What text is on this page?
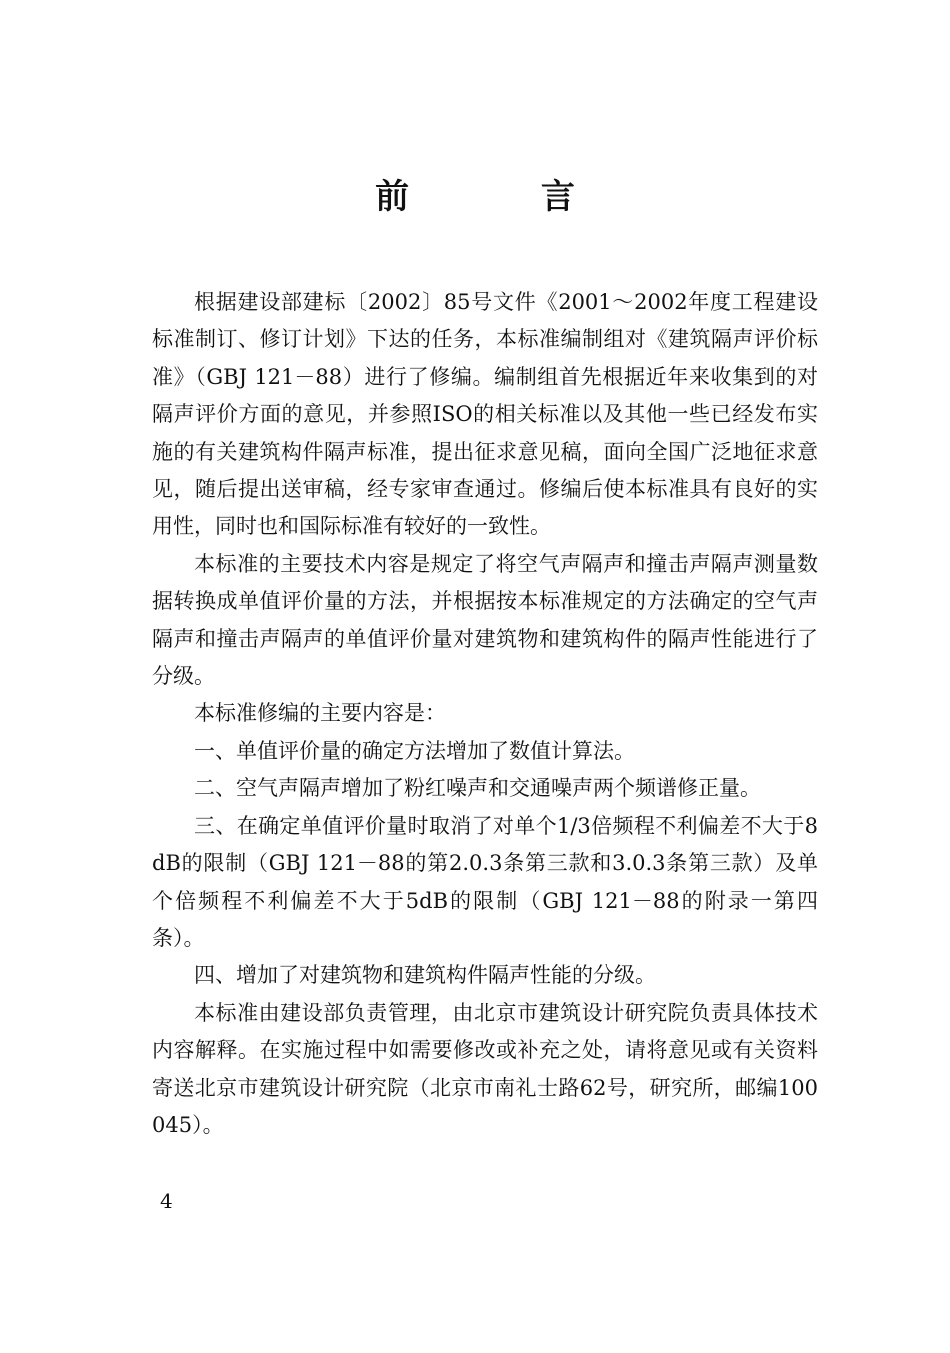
前 言

根据建设部建标〔2002〕85号文件《2001～2002年度工程建设标准制订、修订计划》下达的任务，本标准编制组对《建筑隔声评价标准》（GBJ 121－88）进行了修编。编制组首先根据近年来收集到的对隔声评价方面的意见，并参照ISO的相关标准以及其他一些已经发布实施的有关建筑构件隔声标准，提出征求意见稿，面向全国广泛地征求意见，随后提出送审稿，经专家审查通过。修编后使本标准具有良好的实用性，同时也和国际标准有较好的一致性。

本标准的主要技术内容是规定了将空气声隔声和撞击声隔声测量数据转换成单值评价量的方法，并根据按本标准规定的方法确定的空气声隔声和撞击声隔声的单值评价量对建筑物和建筑构件的隔声性能进行了分级。

本标准修编的主要内容是：

一、单值评价量的确定方法增加了数值计算法。

二、空气声隔声增加了粉红噪声和交通噪声两个频谱修正量。

三、在确定单值评价量时取消了对单个1/3倍频程不利偏差不大于8dB的限制（GBJ 121－88的第2.0.3条第三款和3.0.3条第三款）及单个倍频程不利偏差不大于5dB的限制（GBJ 121－88的附录一第四条）。

四、增加了对建筑物和建筑构件隔声性能的分级。

本标准由建设部负责管理，由北京市建筑设计研究院负责具体技术内容解释。在实施过程中如需要修改或补充之处，请将意见或有关资料寄送北京市建筑设计研究院（北京市南礼士路62号，研究所，邮编100045）。

4
